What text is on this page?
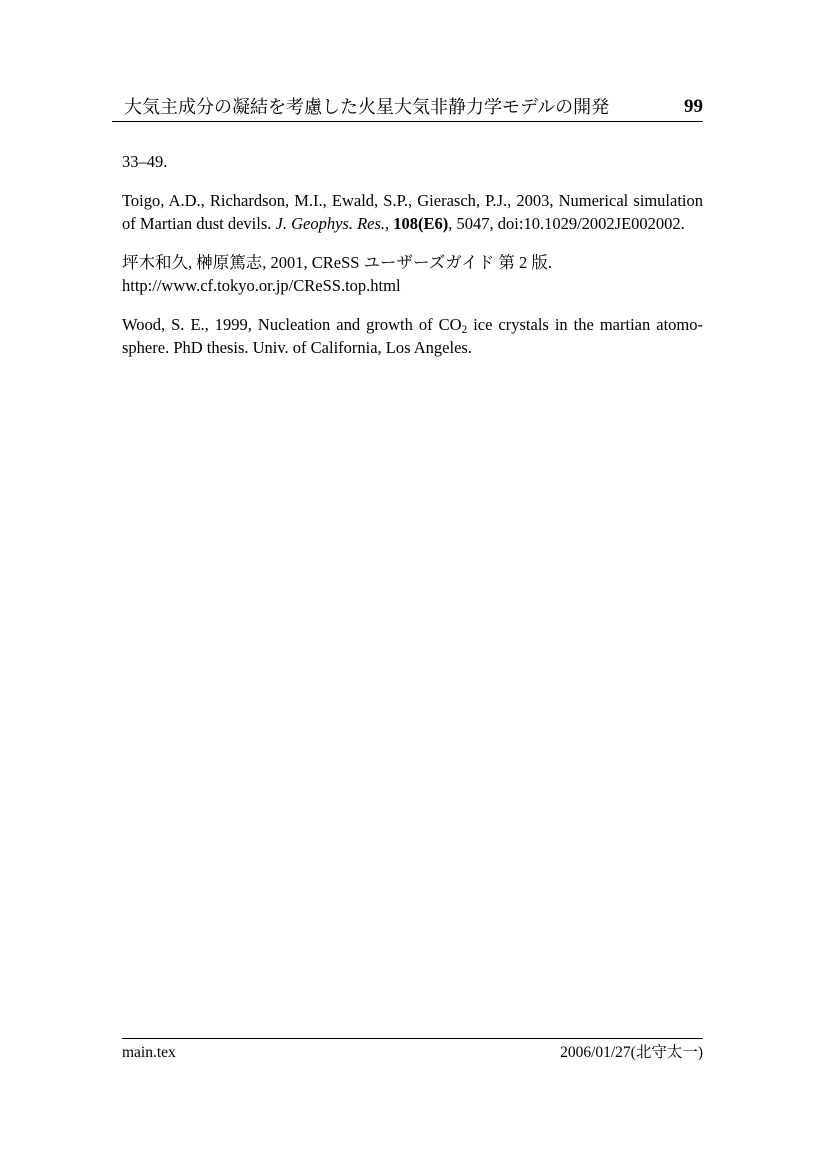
大気主成分の凝結を考慮した火星大気非静力学モデルの開発	99
33–49.
Toigo, A.D., Richardson, M.I., Ewald, S.P., Gierasch, P.J., 2003, Numerical simulation
of Martian dust devils. J. Geophys. Res., 108(E6), 5047, doi:10.1029/2002JE002002.
坪木和久, 榊原篤志, 2001, CReSS ユーザーズガイド 第 2 版.
http://www.cf.tokyo.or.jp/CReSS.top.html
Wood, S. E., 1999, Nucleation and growth of CO2 ice crystals in the martian atomo-
sphere. PhD thesis. Univ. of California, Los Angeles.
main.tex	2006/01/27(北守太一)
